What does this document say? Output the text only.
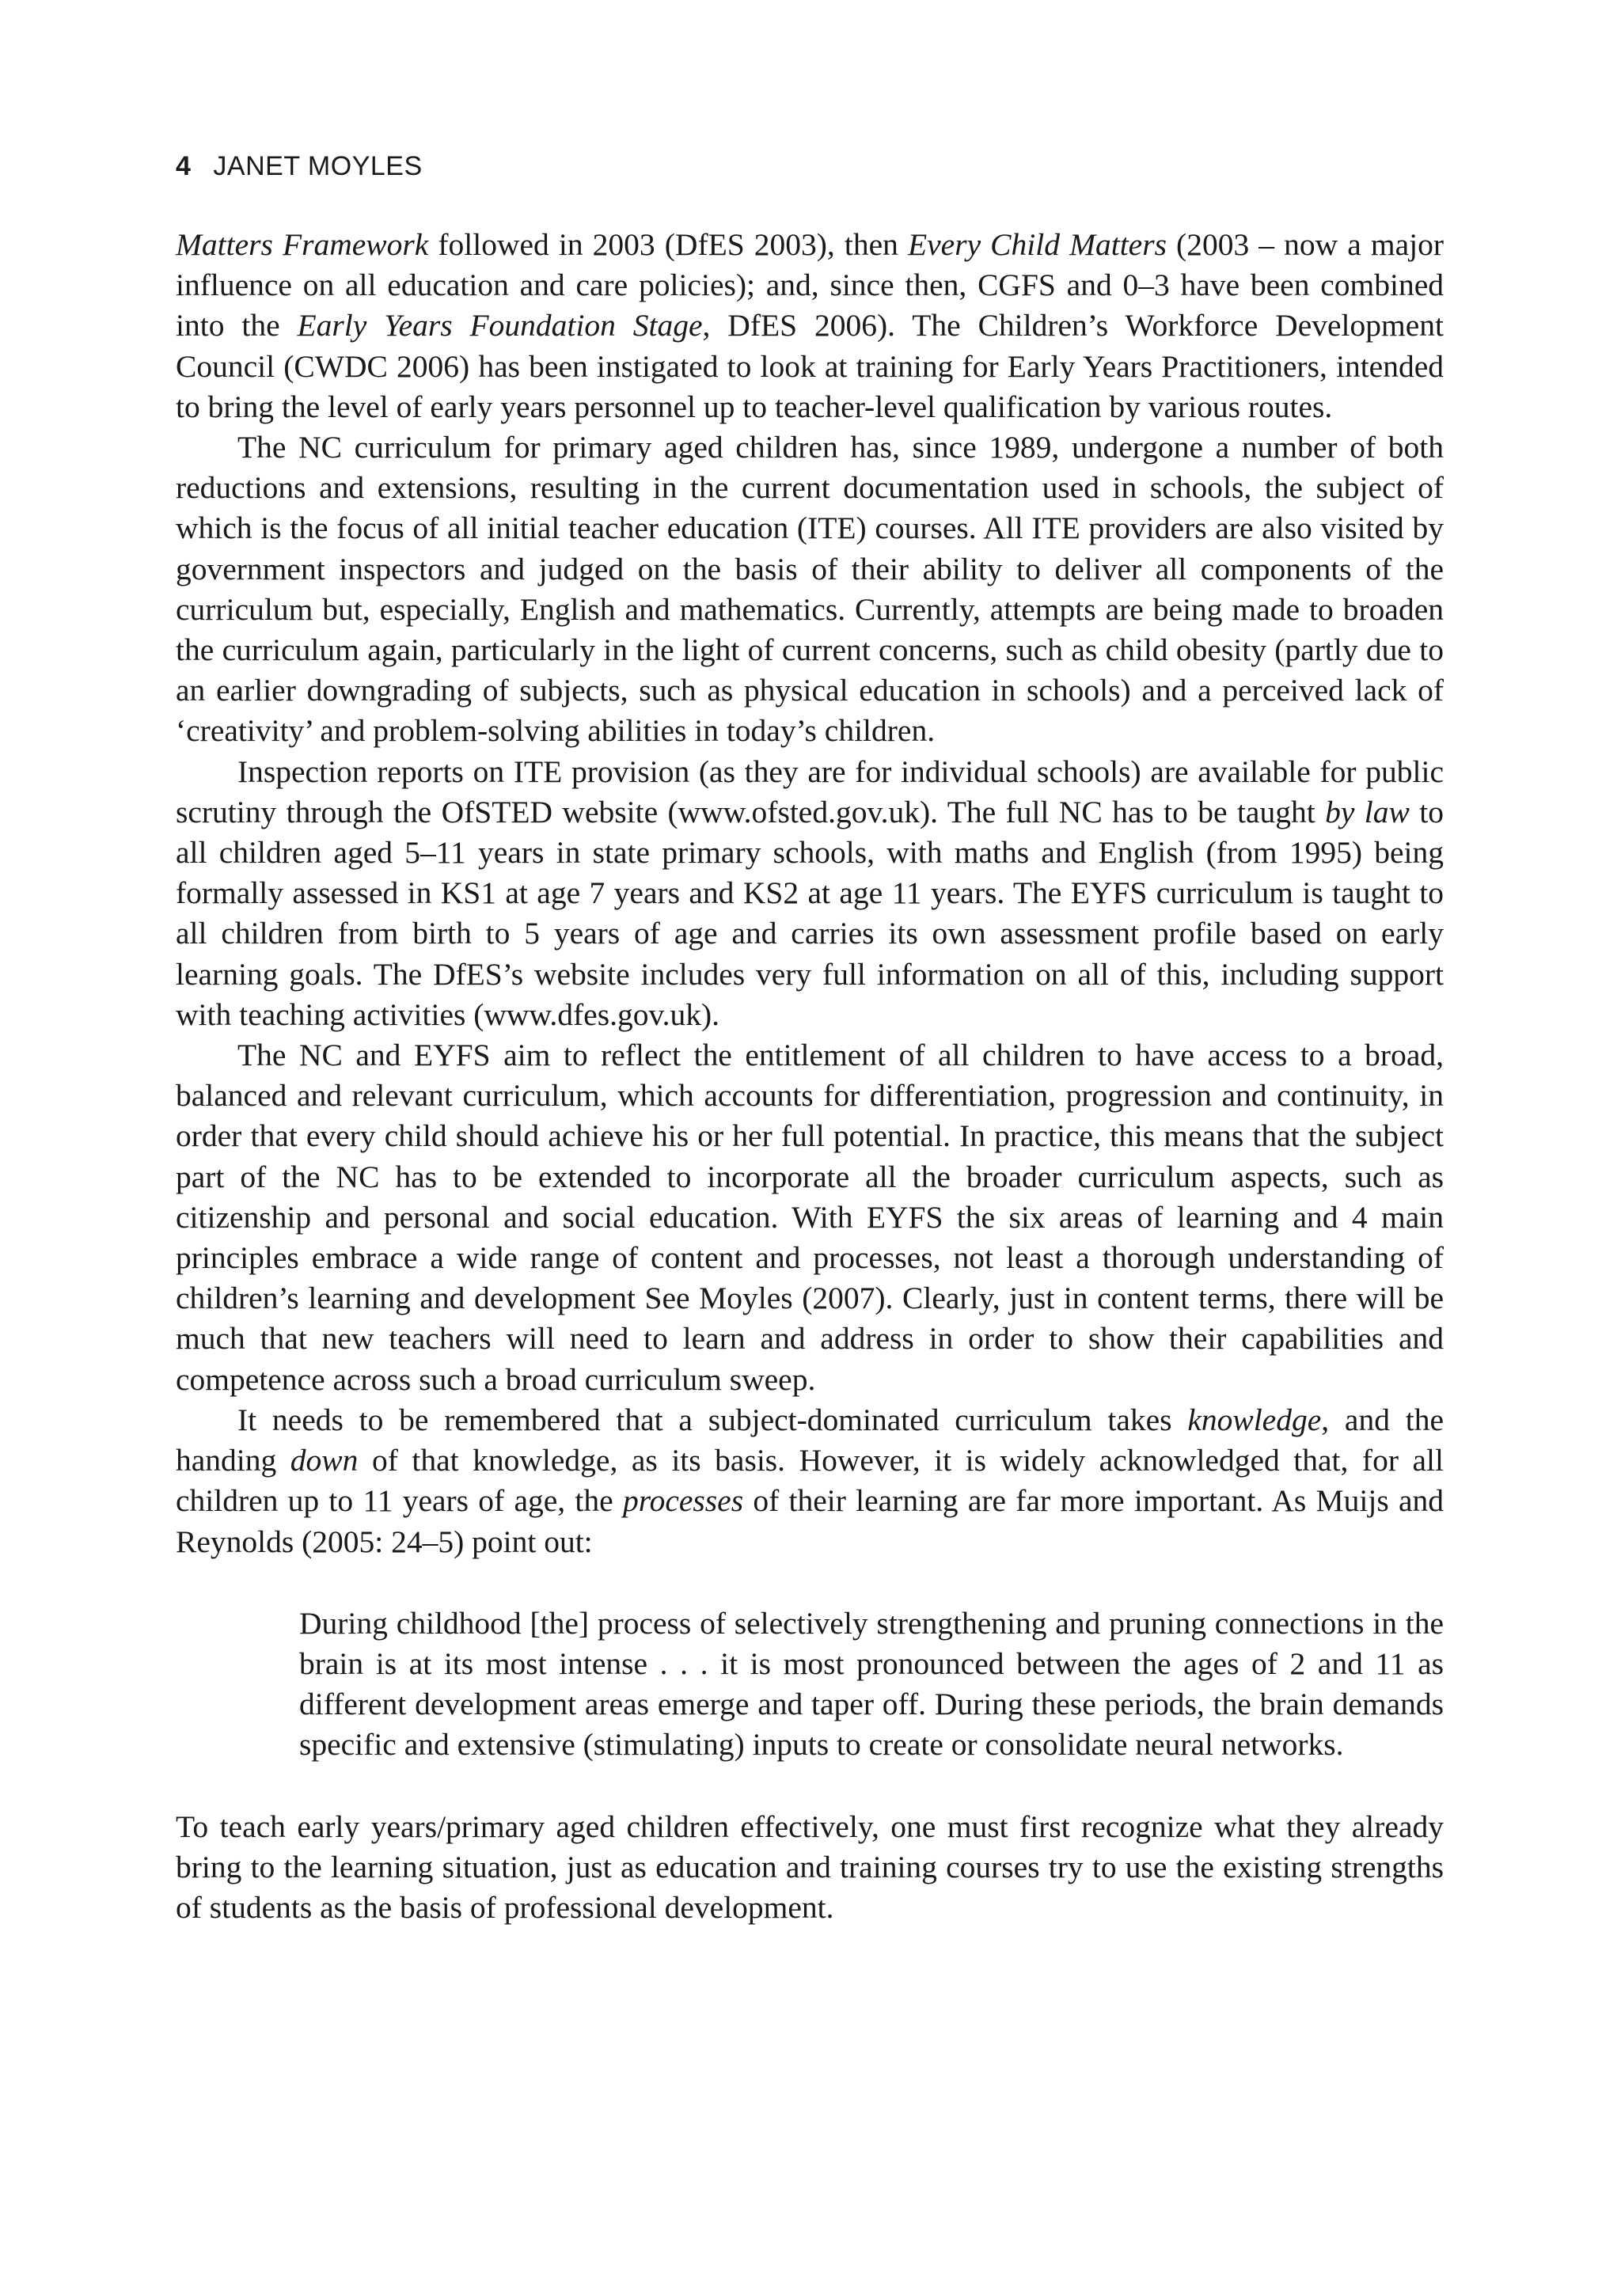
4 JANET MOYLES

Matters Framework followed in 2003 (DfES 2003), then Every Child Matters (2003 – now a major influence on all education and care policies); and, since then, CGFS and 0–3 have been combined into the Early Years Foundation Stage, DfES 2006). The Children’s Workforce Development Council (CWDC 2006) has been instigated to look at training for Early Years Practitioners, intended to bring the level of early years personnel up to teacher-level qualification by various routes.

The NC curriculum for primary aged children has, since 1989, undergone a number of both reductions and extensions, resulting in the current documentation used in schools, the subject of which is the focus of all initial teacher education (ITE) courses. All ITE providers are also visited by government inspectors and judged on the basis of their ability to deliver all components of the curriculum but, especially, English and mathematics. Currently, attempts are being made to broaden the curriculum again, particularly in the light of current concerns, such as child obesity (partly due to an earlier downgrading of subjects, such as physical education in schools) and a perceived lack of ‘creativity’ and problem-solving abilities in today’s children.

Inspection reports on ITE provision (as they are for individual schools) are available for public scrutiny through the OfSTED website (www.ofsted.gov.uk). The full NC has to be taught by law to all children aged 5–11 years in state primary schools, with maths and English (from 1995) being formally assessed in KS1 at age 7 years and KS2 at age 11 years. The EYFS curriculum is taught to all children from birth to 5 years of age and carries its own assessment profile based on early learning goals. The DfES’s website includes very full information on all of this, including support with teaching activities (www.dfes.gov.uk).

The NC and EYFS aim to reflect the entitlement of all children to have access to a broad, balanced and relevant curriculum, which accounts for differentiation, progression and continuity, in order that every child should achieve his or her full potential. In practice, this means that the subject part of the NC has to be extended to incorporate all the broader curriculum aspects, such as citizenship and personal and social education. With EYFS the six areas of learning and 4 main principles embrace a wide range of content and processes, not least a thorough understanding of children’s learning and development See Moyles (2007). Clearly, just in content terms, there will be much that new teachers will need to learn and address in order to show their capabilities and competence across such a broad curriculum sweep.

It needs to be remembered that a subject-dominated curriculum takes knowledge, and the handing down of that knowledge, as its basis. However, it is widely acknowledged that, for all children up to 11 years of age, the processes of their learning are far more important. As Muijs and Reynolds (2005: 24–5) point out:

During childhood [the] process of selectively strengthening and pruning connections in the brain is at its most intense . . . it is most pronounced between the ages of 2 and 11 as different development areas emerge and taper off. During these periods, the brain demands specific and extensive (stimulating) inputs to create or consolidate neural networks.

To teach early years/primary aged children effectively, one must first recognize what they already bring to the learning situation, just as education and training courses try to use the existing strengths of students as the basis of professional development.
